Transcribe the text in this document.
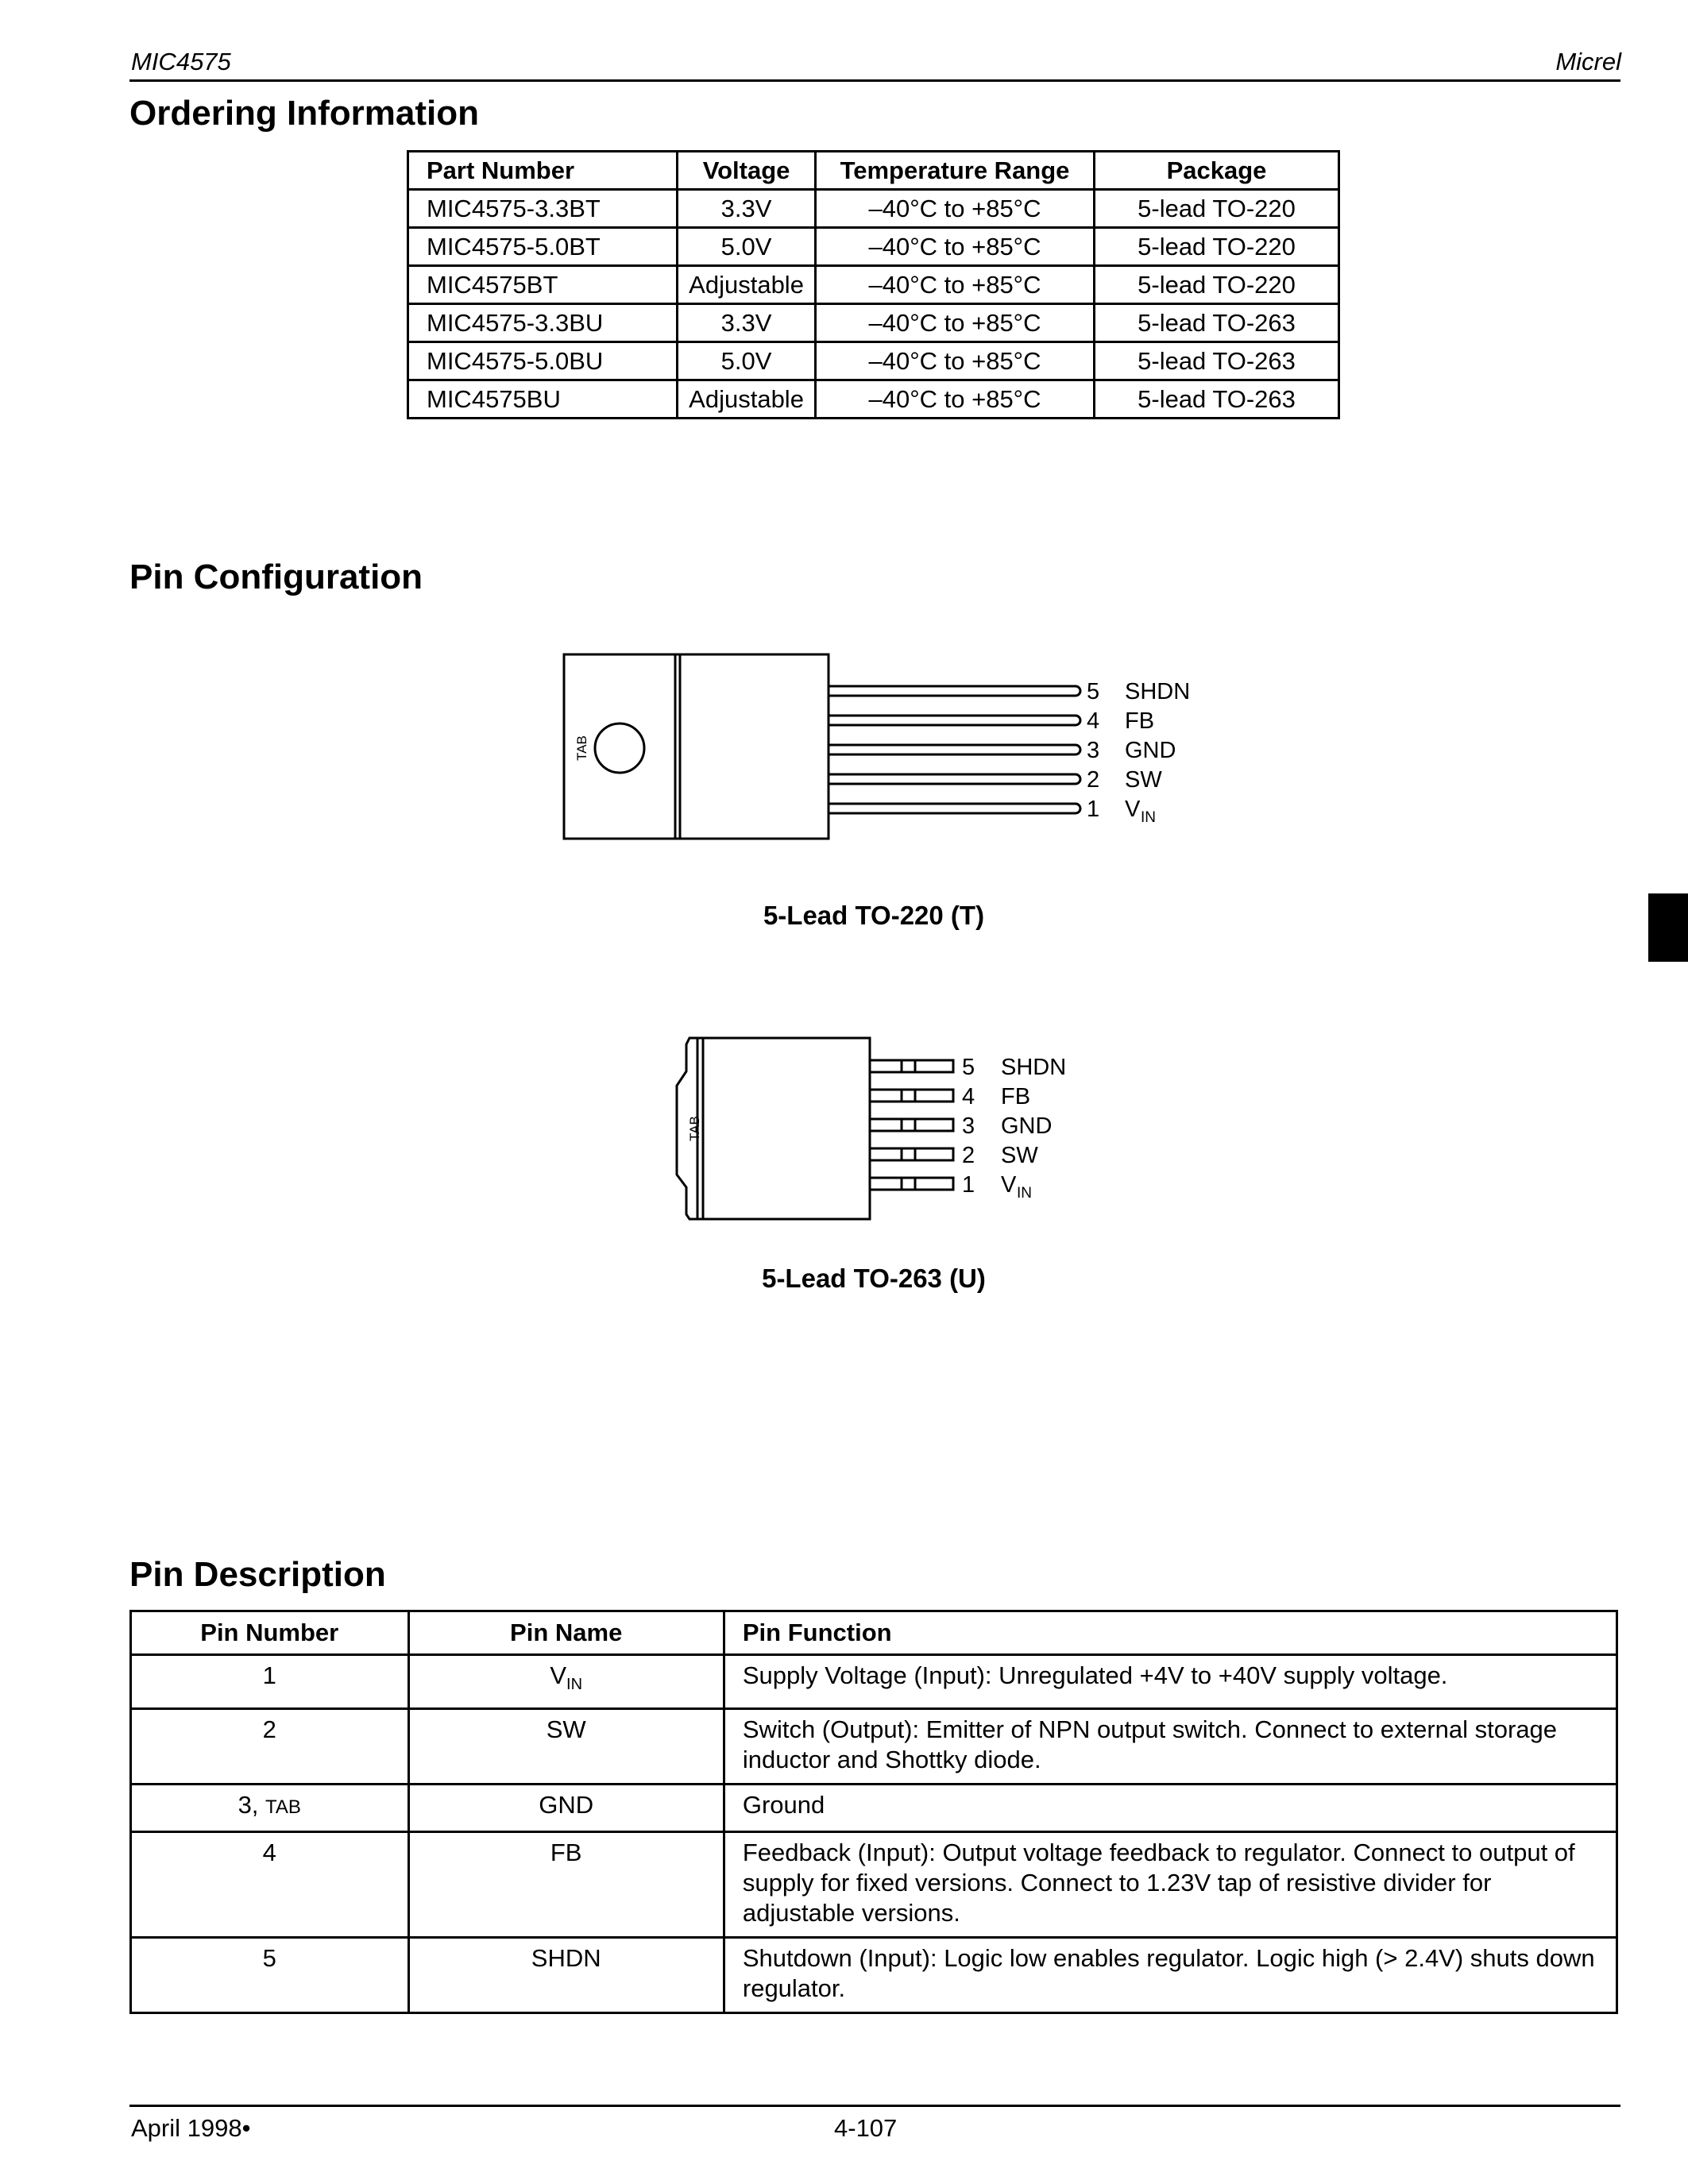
MIC4575	Micrel
Ordering Information
Part Number	Voltage	Temperature Range	Package
MIC4575-3.3BT	3.3V	–40°C to +85°C	5-lead TO-220
MIC4575-5.0BT	5.0V	–40°C to +85°C	5-lead TO-220
MIC4575BT	Adjustable	–40°C to +85°C	5-lead TO-220
MIC4575-3.3BU	3.3V	–40°C to +85°C	5-lead TO-263
MIC4575-5.0BU	5.0V	–40°C to +85°C	5-lead TO-263
MIC4575BU	Adjustable	–40°C to +85°C	5-lead TO-263
Pin Configuration
TAB
5 SHDN
4 FB
3 GND
2 SW
1 V IN
5-Lead TO-220 (T)
TAB
5 SHDN
4 FB
3 GND
2 SW
1 V IN
5-Lead TO-263 (U)
Pin Description
Pin Number	Pin Name	Pin Function
1	$V_{IN}$	Supply Voltage (Input): Unregulated +4V to +40V supply voltage.
2	SW	Switch (Output): Emitter of NPN output switch. Connect to external storage inductor and Shottky diode.
3, TAB	GND	Ground
4	FB	Feedback (Input): Output voltage feedback to regulator. Connect to output of supply for fixed versions. Connect to 1.23V tap of resistive divider for adjustable versions.
5	SHDN	Shutdown (Input): Logic low enables regulator. Logic high (> 2.4V) shuts down regulator.
April 1998•	4-107
